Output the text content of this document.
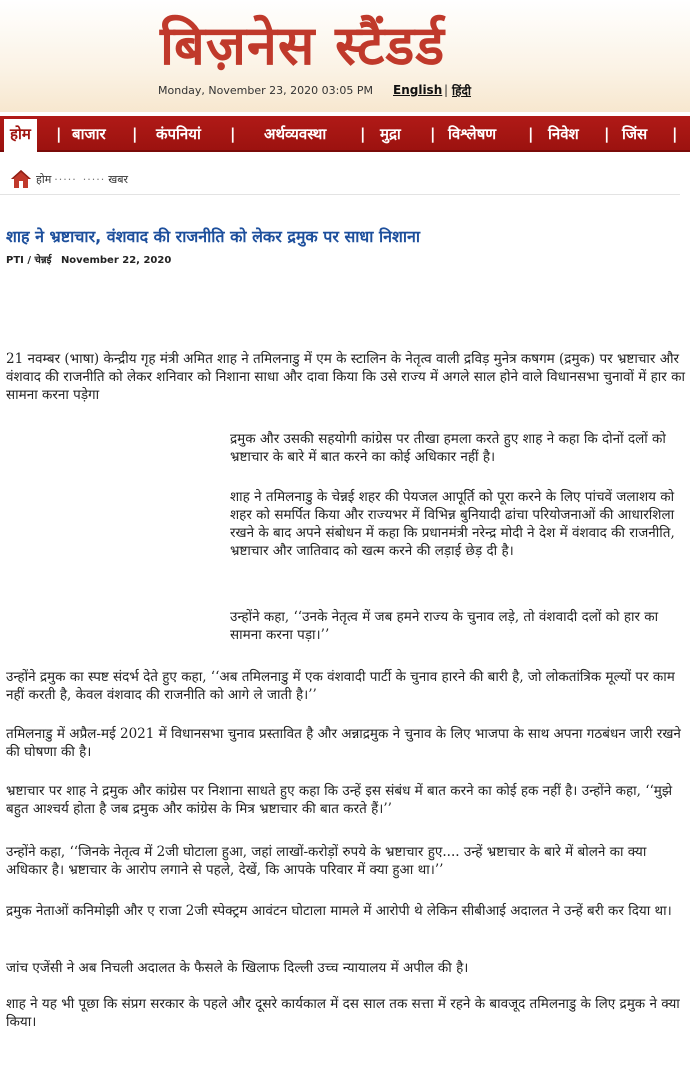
बिज़नेस स्टैंडर्ड
Monday, November 23, 2020 03:05 PM English | हिंदी
होम	| बाजार | कंपनियां | अर्थव्यवस्था | मुद्रा | विश्लेषण | निवेश | जिंस |
होम ····· ····· खबर
शाह ने भ्रष्टाचार, वंशवाद की राजनीति को लेकर द्रमुक पर साधा निशाना
PTI / चेन्नई November 22, 2020

21 नवम्बर (भाषा) केन्द्रीय गृह मंत्री अमित शाह ने तमिलनाडु में एम के स्टालिन के नेतृत्व वाली द्रविड़ मुनेत्र कषगम (द्रमुक) पर भ्रष्टाचार और वंशवाद की राजनीति को लेकर शनिवार को निशाना साधा और दावा किया कि उसे राज्य में अगले साल होने वाले विधानसभा चुनावों में हार का सामना करना पड़ेगा

द्रमुक और उसकी सहयोगी कांग्रेस पर तीखा हमला करते हुए शाह ने कहा कि दोनों दलों को भ्रष्टाचार के बारे में बात करने का कोई अधिकार नहीं है।

शाह ने तमिलनाडु के चेन्नई शहर की पेयजल आपूर्ति को पूरा करने के लिए पांचवें जलाशय को शहर को समर्पित किया और राज्यभर में विभिन्न बुनियादी ढांचा परियोजनाओं की आधारशिला रखने के बाद अपने संबोधन में कहा कि प्रधानमंत्री नरेन्द्र मोदी ने देश में वंशवाद की राजनीति, भ्रष्टाचार और जातिवाद को खत्म करने की लड़ाई छेड़ दी है।

उन्होंने कहा, ‘‘उनके नेतृत्व में जब हमने राज्य के चुनाव लड़े, तो वंशवादी दलों को हार का सामना करना पड़ा।’’

उन्होंने द्रमुक का स्पष्ट संदर्भ देते हुए कहा, ‘‘अब तमिलनाडु में एक वंशवादी पार्टी के चुनाव हारने की बारी है, जो लोकतांत्रिक मूल्यों पर काम नहीं करती है, केवल वंशवाद की राजनीति को आगे ले जाती है।’’

तमिलनाडु में अप्रैल-मई 2021 में विधानसभा चुनाव प्रस्तावित है और अन्नाद्रमुक ने चुनाव के लिए भाजपा के साथ अपना गठबंधन जारी रखने की घोषणा की है।

भ्रष्टाचार पर शाह ने द्रमुक और कांग्रेस पर निशाना साधते हुए कहा कि उन्हें इस संबंध में बात करने का कोई हक नहीं है। उन्होंने कहा, ‘‘मुझे बहुत आश्चर्य होता है जब द्रमुक और कांग्रेस के मित्र भ्रष्टाचार की बात करते हैं।’’

उन्होंने कहा, ‘‘जिनके नेतृत्व में 2जी घोटाला हुआ, जहां लाखों-करोड़ों रुपये के भ्रष्टाचार हुए.... उन्हें भ्रष्टाचार के बारे में बोलने का क्या अधिकार है। भ्रष्टाचार के आरोप लगाने से पहले, देखें, कि आपके परिवार में क्या हुआ था।’’

द्रमुक नेताओं कनिमोझी और ए राजा 2जी स्पेक्ट्रम आवंटन घोटाला मामले में आरोपी थे लेकिन सीबीआई अदालत ने उन्हें बरी कर दिया था।

जांच एजेंसी ने अब निचली अदालत के फैसले के खिलाफ दिल्ली उच्च न्यायालय में अपील की है।

शाह ने यह भी पूछा कि संप्रग सरकार के पहले और दूसरे कार्यकाल में दस साल तक सत्ता में रहने के बावजूद तमिलनाडु के लिए द्रमुक ने क्या किया।
